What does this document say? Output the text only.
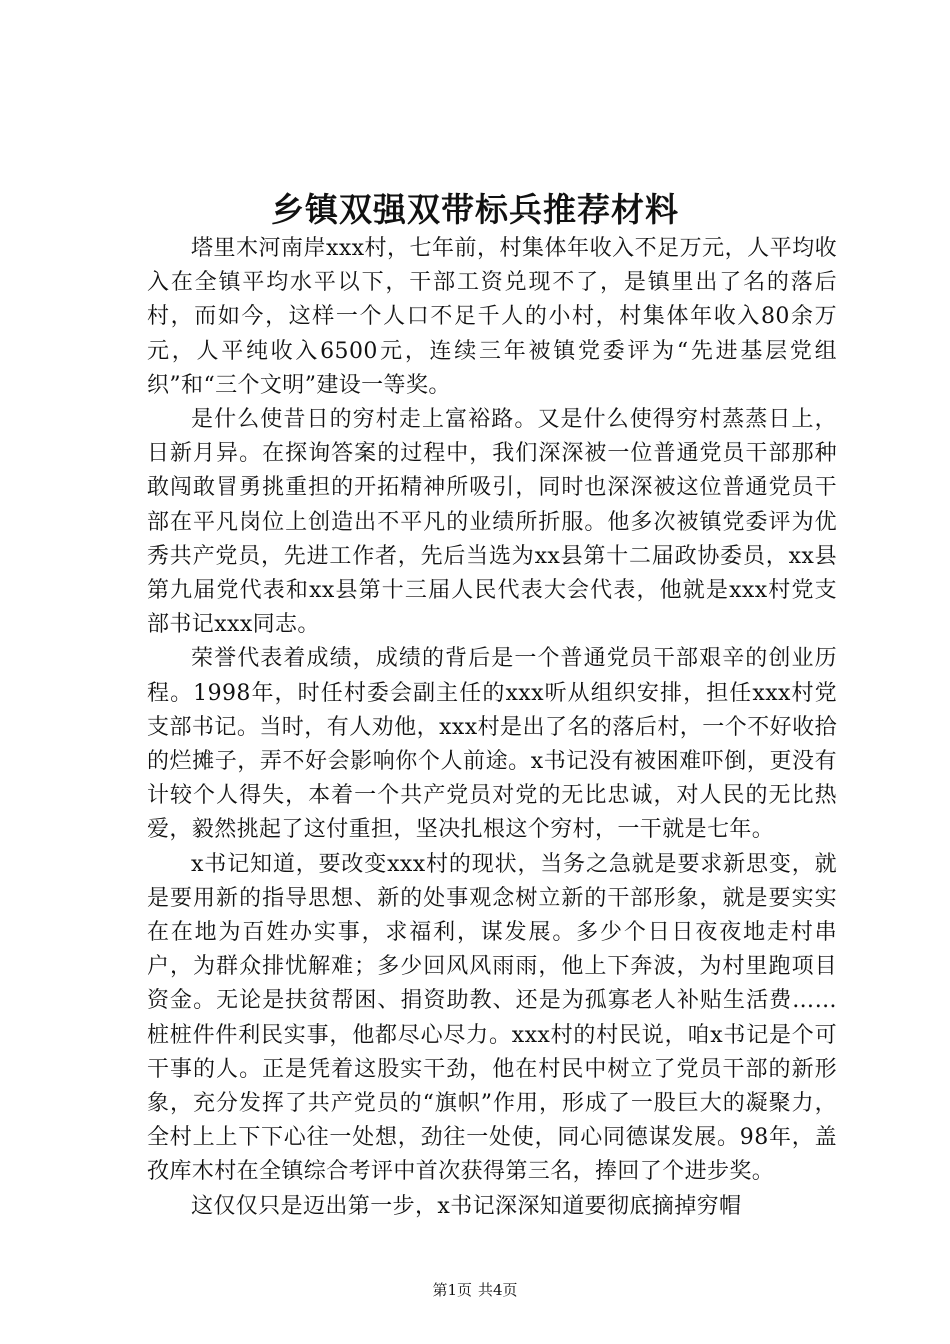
乡镇双强双带标兵推荐材料

塔里木河南岸xxx村，七年前，村集体年收入不足万元，人平均收入在全镇平均水平以下，干部工资兑现不了，是镇里出了名的落后村，而如今，这样一个人口不足千人的小村，村集体年收入80余万元，人平纯收入6500元，连续三年被镇党委评为“先进基层党组织”和“三个文明”建设一等奖。

是什么使昔日的穷村走上富裕路。又是什么使得穷村蒸蒸日上，日新月异。在探询答案的过程中，我们深深被一位普通党员干部那种敢闯敢冒勇挑重担的开拓精神所吸引，同时也深深被这位普通党员干部在平凡岗位上创造出不平凡的业绩所折服。他多次被镇党委评为优秀共产党员，先进工作者，先后当选为xx县第十二届政协委员，xx县第九届党代表和xx县第十三届人民代表大会代表，他就是xxx村党支部书记xxx同志。

荣誉代表着成绩，成绩的背后是一个普通党员干部艰辛的创业历程。1998年，时任村委会副主任的xxx听从组织安排，担任xxx村党支部书记。当时，有人劝他，xxx村是出了名的落后村，一个不好收拾的烂摊子，弄不好会影响你个人前途。x书记没有被困难吓倒，更没有计较个人得失，本着一个共产党员对党的无比忠诚，对人民的无比热爱，毅然挑起了这付重担，坚决扎根这个穷村，一干就是七年。

x书记知道，要改变xxx村的现状，当务之急就是要求新思变，就是要用新的指导思想、新的处事观念树立新的干部形象，就是要实实在在地为百姓办实事，求福利，谋发展。多少个日日夜夜地走村串户，为群众排忧解难；多少回风风雨雨，他上下奔波，为村里跑项目资金。无论是扶贫帮困、捐资助教、还是为孤寡老人补贴生活费……桩桩件件利民实事，他都尽心尽力。xxx村的村民说，咱x书记是个可干事的人。正是凭着这股实干劲，他在村民中树立了党员干部的新形象，充分发挥了共产党员的“旗帜”作用，形成了一股巨大的凝聚力，全村上上下下心往一处想，劲往一处使，同心同德谋发展。98年，盖孜库木村在全镇综合考评中首次获得第三名，捧回了个进步奖。

这仅仅只是迈出第一步，x书记深深知道要彻底摘掉穷帽

第1页 共4页
